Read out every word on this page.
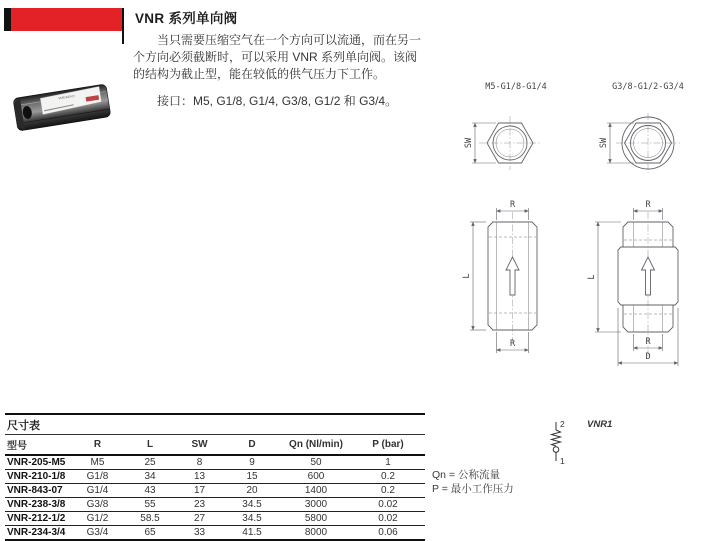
VNR 系列单向阀

当只需要压缩空气在一个方向可以流通，而在另一个方向必须截断时，可以采用 VNR 系列单向阀。该阀的结构为截止型，能在较低的供气压力下工作。

接口：M5, G1/8, G1/4, G3/8, G1/2 和 G3/4。
VNR-843-07
M5-G1/8-G1/4	G3/8-G1/2-G3/4
SW	SW
R
L
R
R
L
R
D
2
1
VNR1
Qn = 公称流量
P = 最小工作压力
尺寸表
型号	R	L	SW	D	Qn (Nl/min)	P (bar)
VNR-205-M5	M5	25	8	9	50	1
VNR-210-1/8	G1/8	34	13	15	600	0.2
VNR-843-07	G1/4	43	17	20	1400	0.2
VNR-238-3/8	G3/8	55	23	34.5	3000	0.02
VNR-212-1/2	G1/2	58.5	27	34.5	5800	0.02
VNR-234-3/4	G3/4	65	33	41.5	8000	0.06
